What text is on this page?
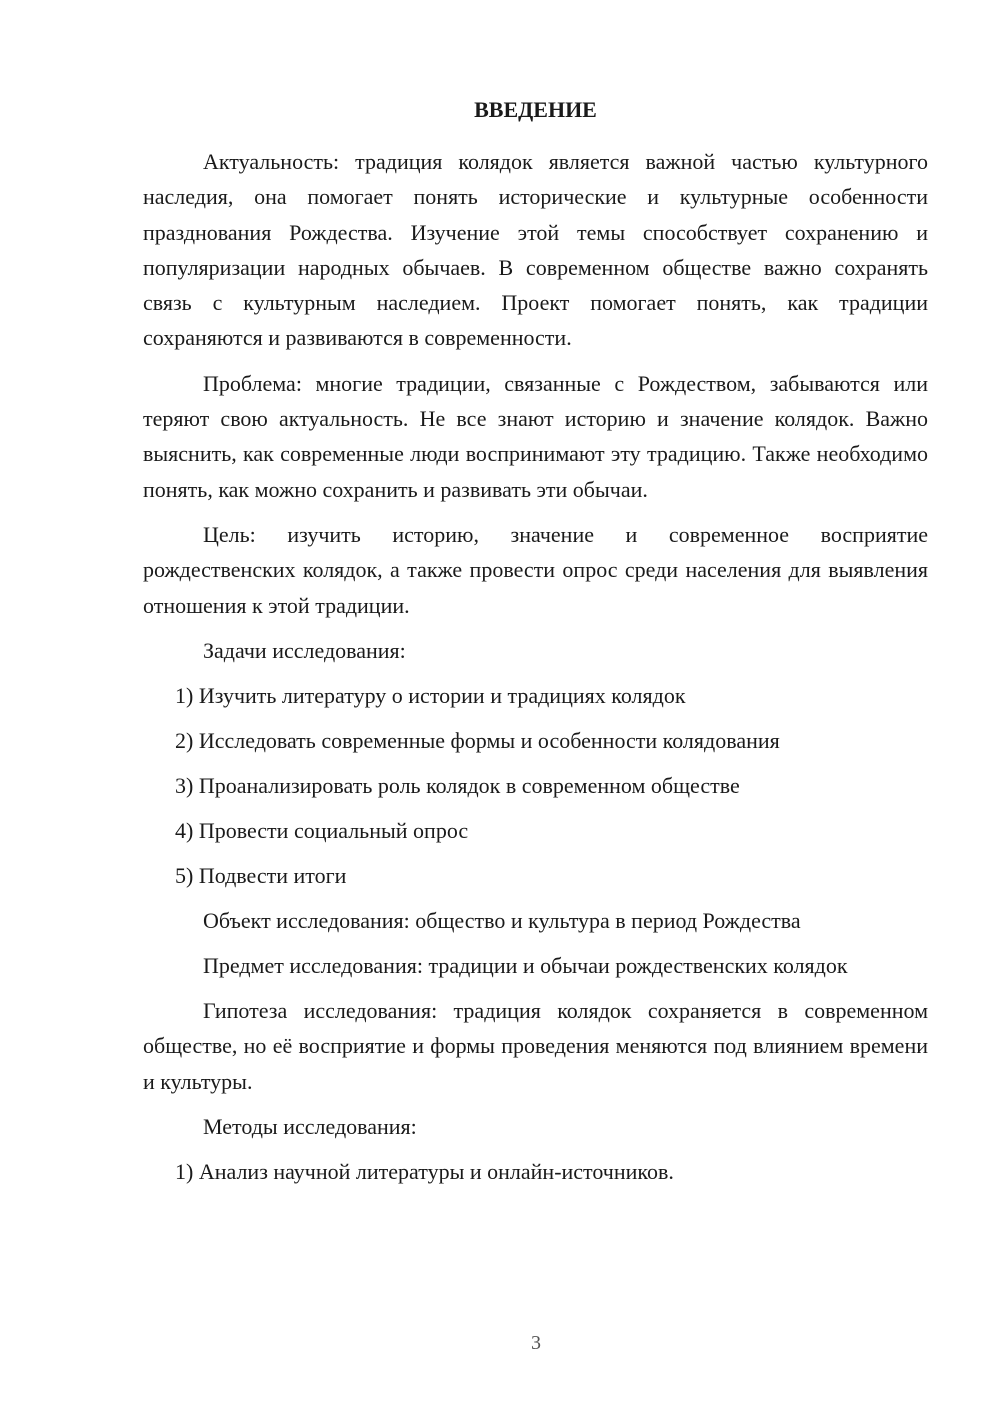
ВВЕДЕНИЕ

Актуальность: традиция колядок является важной частью культурного наследия, она помогает понять исторические и культурные особенности празднования Рождества. Изучение этой темы способствует сохранению и популяризации народных обычаев. В современном обществе важно сохранять связь с культурным наследием. Проект помогает понять, как традиции сохраняются и развиваются в современности.

Проблема: многие традиции, связанные с Рождеством, забываются или теряют свою актуальность. Не все знают историю и значение колядок. Важно выяснить, как современные люди воспринимают эту традицию. Также необходимо понять, как можно сохранить и развивать эти обычаи.

Цель: изучить историю, значение и современное восприятие рождественских колядок, а также провести опрос среди населения для выявления отношения к этой традиции.

Задачи исследования:
1) Изучить литературу о истории и традициях колядок
2) Исследовать современные формы и особенности колядования
3) Проанализировать роль колядок в современном обществе
4) Провести социальный опрос
5) Подвести итоги
Объект исследования: общество и культура в период Рождества

Предмет исследования: традиции и обычаи рождественских колядок

Гипотеза исследования: традиция колядок сохраняется в современном обществе, но её восприятие и формы проведения меняются под влиянием времени и культуры.

Методы исследования:
1) Анализ научной литературы и онлайн-источников.
3
